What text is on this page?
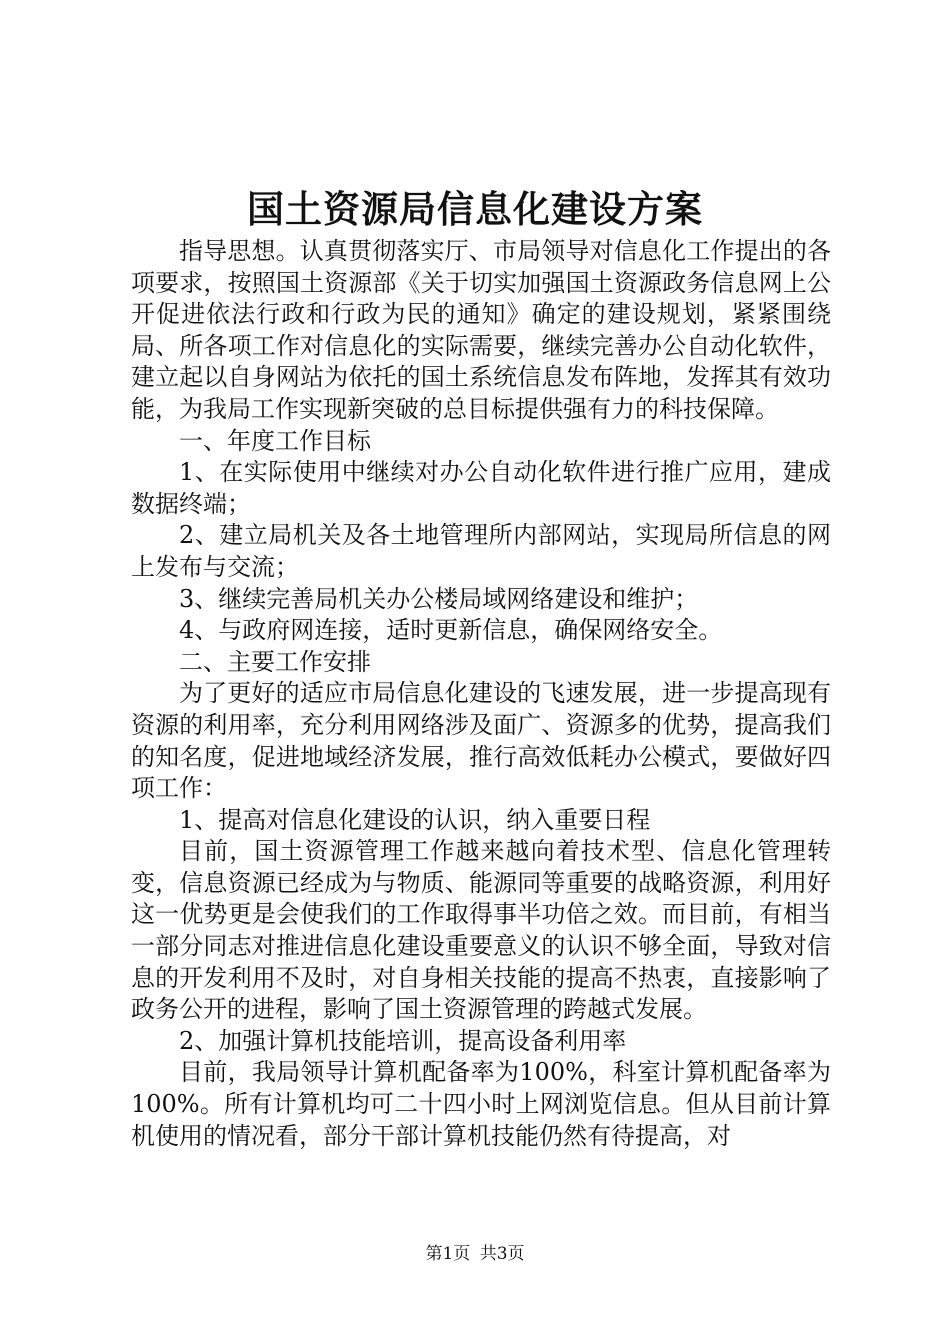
国土资源局信息化建设方案

指导思想。认真贯彻落实厅、市局领导对信息化工作提出的各项要求，按照国土资源部《关于切实加强国土资源政务信息网上公开促进依法行政和行政为民的通知》确定的建设规划，紧紧围绕局、所各项工作对信息化的实际需要，继续完善办公自动化软件，建立起以自身网站为依托的国土系统信息发布阵地，发挥其有效功能，为我局工作实现新突破的总目标提供强有力的科技保障。

一、年度工作目标

1、在实际使用中继续对办公自动化软件进行推广应用，建成数据终端；

2、建立局机关及各土地管理所内部网站，实现局所信息的网上发布与交流；

3、继续完善局机关办公楼局域网络建设和维护；

4、与政府网连接，适时更新信息，确保网络安全。

二、主要工作安排

为了更好的适应市局信息化建设的飞速发展，进一步提高现有资源的利用率，充分利用网络涉及面广、资源多的优势，提高我们的知名度，促进地域经济发展，推行高效低耗办公模式，要做好四项工作：

1、提高对信息化建设的认识，纳入重要日程

目前，国土资源管理工作越来越向着技术型、信息化管理转变，信息资源已经成为与物质、能源同等重要的战略资源，利用好这一优势更是会使我们的工作取得事半功倍之效。而目前，有相当一部分同志对推进信息化建设重要意义的认识不够全面，导致对信息的开发利用不及时，对自身相关技能的提高不热衷，直接影响了政务公开的进程，影响了国土资源管理的跨越式发展。

2、加强计算机技能培训，提高设备利用率

目前，我局领导计算机配备率为100%，科室计算机配备率为100%。所有计算机均可二十四小时上网浏览信息。但从目前计算机使用的情况看，部分干部计算机技能仍然有待提高，对

第1页 共3页
